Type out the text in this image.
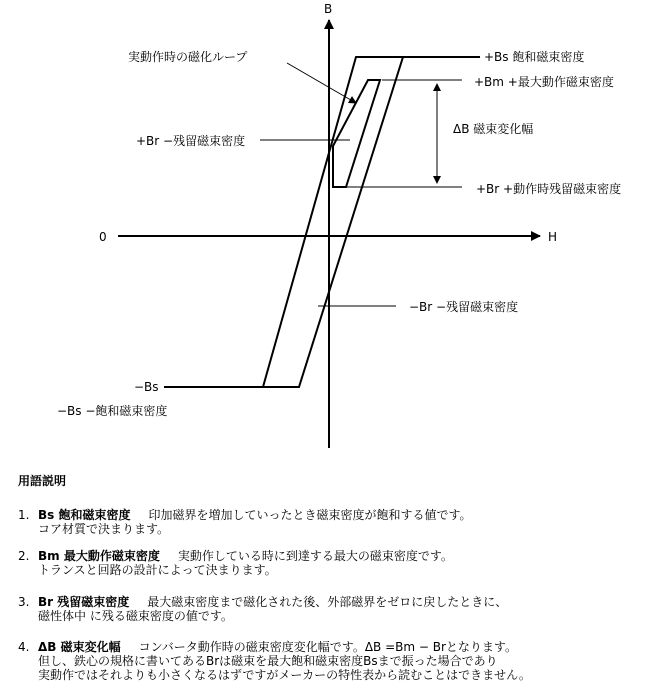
B
H
0
実動作時の磁化ループ	+Bs 飽和磁束密度
+Bm +最大動作磁束密度
ΔB 磁束変化幅
+Br −残留磁束密度
+Br +動作時残留磁束密度
−Br −残留磁束密度
−Bs
−Bs −飽和磁束密度
用語説明
1. Bs 飽和磁束密度 印加磁界を増加していったとき磁束密度が飽和する値です。
コア材質で決まります。
2. Bm 最大動作磁束密度 実動作している時に到達する最大の磁束密度です。
トランスと回路の設計によって決まります。
3. Br 残留磁束密度 最大磁束密度まで磁化された後、外部磁界をゼロに戻したときに、
磁性体中 に残る磁束密度の値です。
4. ΔB 磁束変化幅 コンバータ動作時の磁束密度変化幅です。ΔB =Bm − Brとなります。
但し、鉄心の規格に書いてあるBrは磁束を最大飽和磁束密度Bsまで振った場合であり
実動作ではそれよりも小さくなるはずですがメーカーの特性表から読むことはできません。
